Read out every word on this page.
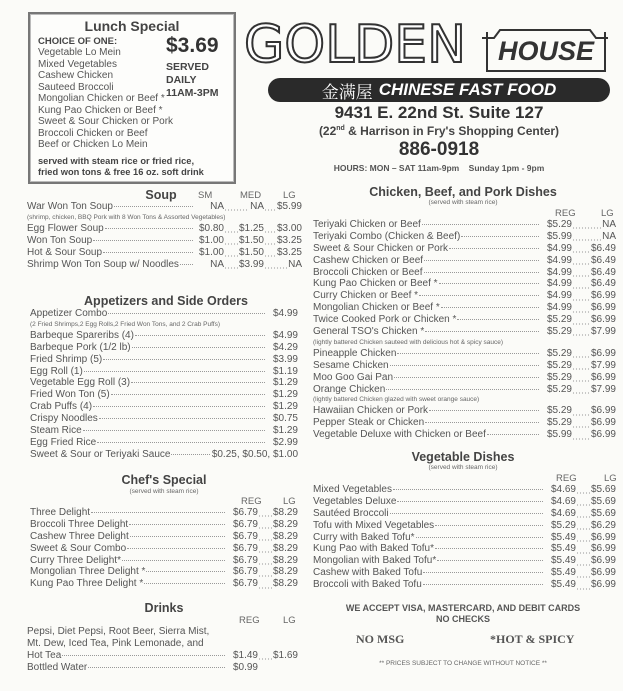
Lunch Special
CHOICE OF ONE: $3.69
SERVED DAILY
11AM-3PM
Vegetable Lo Mein
Mixed Vegetables
Cashew Chicken
Sauteed Broccoli
Mongolian Chicken or Beef *
Kung Pao Chicken or Beef *
Sweet & Sour Chicken or Pork
Broccoli Chicken or Beef
Beef or Chicken Lo Mein
served with steam rice or fried rice,
fried won tons & free 16 oz. soft drink
GOLDEN	HOUSE
金满屋 CHINESE FAST FOOD
9431 E. 22nd St. Suite 127
(22nd & Harrison in Fry's Shopping Center)
886-0918
HOURS: MON – SAT 11am-9pm    Sunday 1pm - 9pm
Soup	SM	MED LG
War Won Ton Soup	NA	NA	$5.99
(shrimp, chicken, BBQ Pork with 8 Won Tons & Assorted Vegetables)
Egg Flower Soup	$0.80	$1.25	$3.00
Won Ton Soup	$1.00	$1.50	$3.25
Hot & Sour Soup	$1.00	$1.50	$3.25
Shrimp Won Ton Soup w/ Noodles	NA	$3.99	NA
Appetizers and Side Orders
Appetizer Combo	$4.99
(2 Fried Shrimps,2 Egg Rolls,2 Fried Won Tons, and 2 Crab Puffs)
Barbeque Spareribs (4)	$4.99
Barbeque Pork (1/2 lb)	$4.29
Fried Shrimp (5)	$3.99
Egg Roll (1)	$1.19
Vegetable Egg Roll (3)	$1.29
Fried Won Ton (5)	$1.29
Crab Puffs (4)	$1.29
Crispy Noodles	$0.75
Steam Rice	$1.29
Egg Fried Rice	$2.99
Sweet & Sour or Teriyaki Sauce	$0.25, $0.50, $1.00
Chef's Special
(served with steam rice)
REG LG
Three Delight	$6.79	$8.29
Broccoli Three Delight	$6.79	$8.29
Cashew Three Delight	$6.79	$8.29
Sweet & Sour Combo	$6.79	$8.29
Curry Three Delight*	$6.79	$8.29
Mongolian Three Delight *	$6.79	$8.29
Kung Pao Three Delight *	$6.79	$8.29
Drinks
REG LG
Pepsi, Diet Pepsi, Root Beer, Sierra Mist,
Mt. Dew, Iced Tea, Pink Lemonade, and
Hot Tea	$1.49	$1.69
Bottled Water	$0.99
Chicken, Beef, and Pork Dishes
(served with steam rice)
REG	LG
Teriyaki Chicken or Beef	$5.29	NA
Teriyaki Combo (Chicken & Beef)	$5.99	NA
Sweet & Sour Chicken or Pork	$4.99	$6.49
Cashew Chicken or Beef	$4.99	$6.49
Broccoli Chicken or Beef	$4.99	$6.49
Kung Pao Chicken or Beef *	$4.99	$6.49
Curry Chicken or Beef *	$4.99	$6.99
Mongolian Chicken or Beef *	$4.99	$6.99
Twice Cooked Pork or Chicken *	$5.29	$6.99
General TSO's Chicken *	$5.29	$7.99
(lightly battered Chicken sauteed with delicious hot & spicy sauce)
Pineapple Chicken	$5.29	$6.99
Sesame Chicken	$5.29	$7.99
Moo Goo Gai Pan	$5.29	$6.99
Orange Chicken	$5.29	$7.99
(lightly battered Chicken glazed with sweet orange sauce)
Hawaiian Chicken or Pork	$5.29	$6.99
Pepper Steak or Chicken	$5.29	$6.99
Vegetable Deluxe with Chicken or Beef	$5.99	$6.99
Vegetable Dishes
(served with steam rice)
REG	LG
Mixed Vegetables	$4.69	$5.69
Vegetables Deluxe	$4.69	$5.69
Sautéed Broccoli	$4.69	$5.69
Tofu with Mixed Vegetables	$5.29	$6.29
Curry with Baked Tofu*	$5.49	$6.99
Kung Pao with Baked Tofu*	$5.49	$6.99
Mongolian with Baked Tofu*	$5.49	$6.99
Cashew with Baked Tofu	$5.49	$6.99
Broccoli with Baked Tofu	$5.49	$6.99
WE ACCEPT VISA, MASTERCARD, AND DEBIT CARDS
NO CHECKS
NO MSG	*HOT & SPICY
** PRICES SUBJECT TO CHANGE WITHOUT NOTICE **
